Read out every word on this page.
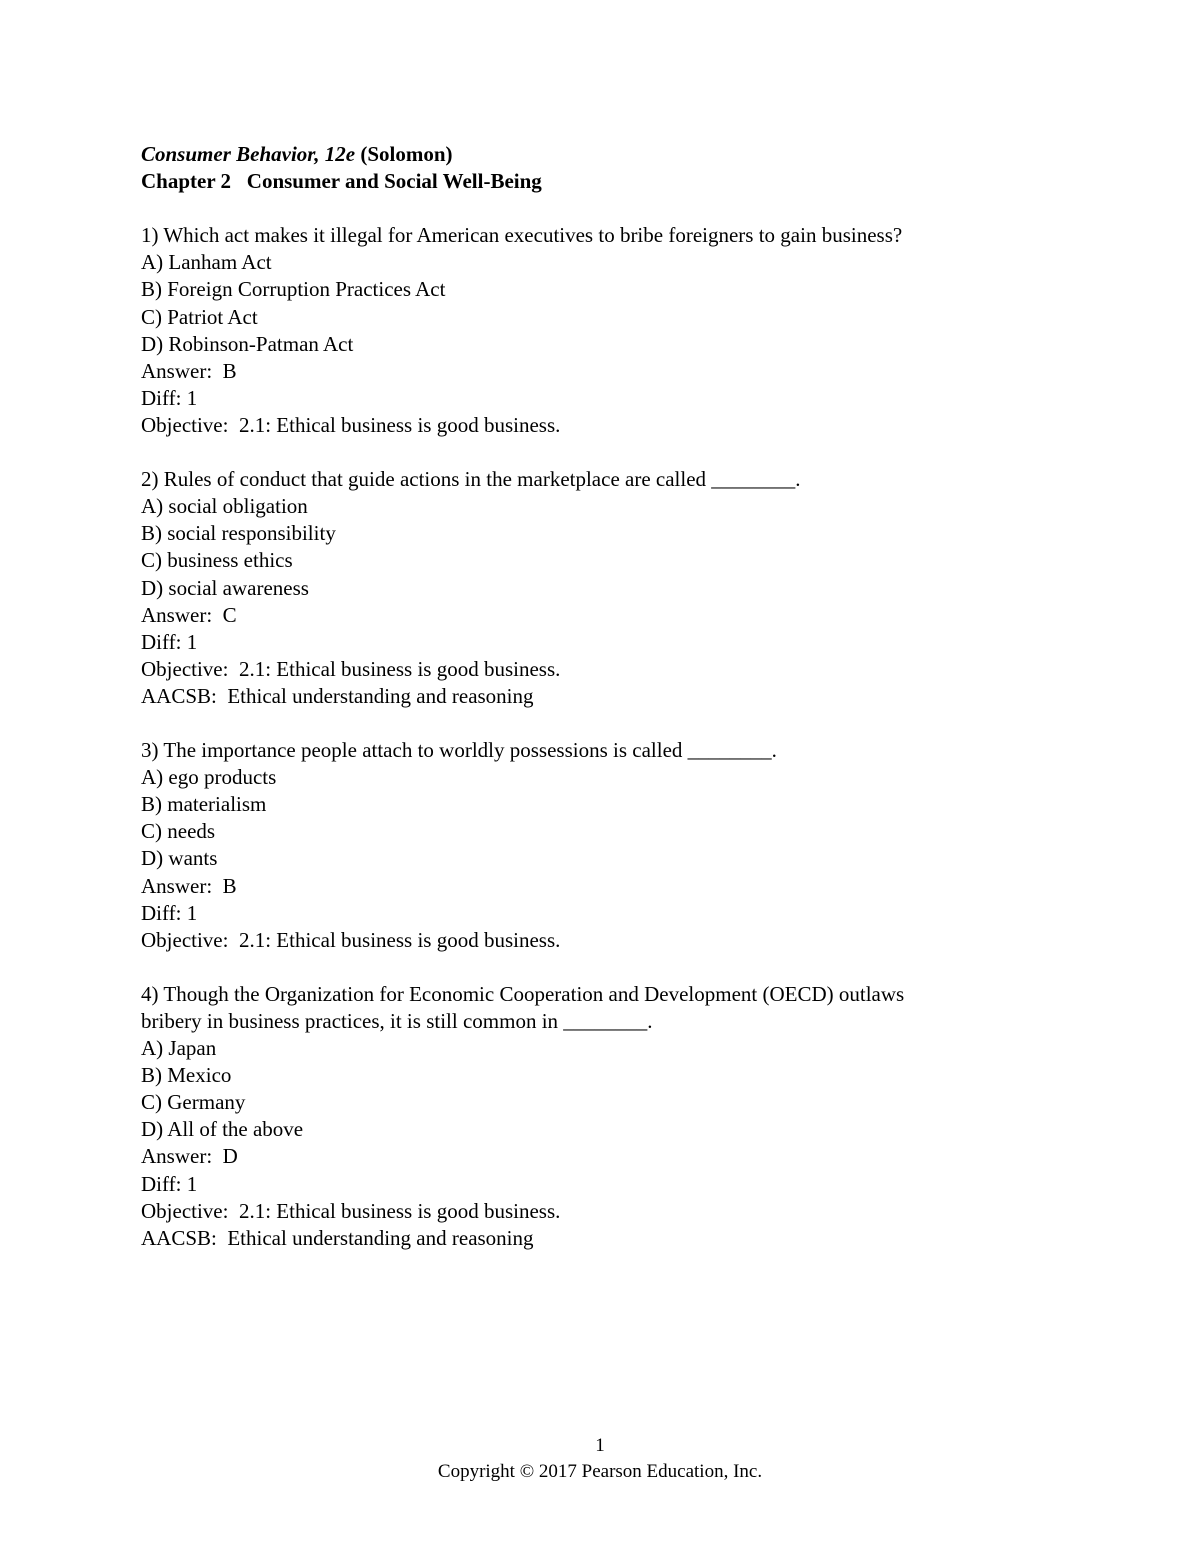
Consumer Behavior, 12e (Solomon)
Chapter 2 Consumer and Social Well-Being
1) Which act makes it illegal for American executives to bribe foreigners to gain business?
A) Lanham Act
B) Foreign Corruption Practices Act
C) Patriot Act
D) Robinson-Patman Act
Answer:  B
Diff: 1
Objective:  2.1: Ethical business is good business.
2) Rules of conduct that guide actions in the marketplace are called ________.
A) social obligation
B) social responsibility
C) business ethics
D) social awareness
Answer:  C
Diff: 1
Objective:  2.1: Ethical business is good business.
AACSB:  Ethical understanding and reasoning
3) The importance people attach to worldly possessions is called ________.
A) ego products
B) materialism
C) needs
D) wants
Answer:  B
Diff: 1
Objective:  2.1: Ethical business is good business.
4) Though the Organization for Economic Cooperation and Development (OECD) outlaws
bribery in business practices, it is still common in ________.
A) Japan
B) Mexico
C) Germany
D) All of the above
Answer:  D
Diff: 1
Objective:  2.1: Ethical business is good business.
AACSB:  Ethical understanding and reasoning
1
Copyright © 2017 Pearson Education, Inc.
